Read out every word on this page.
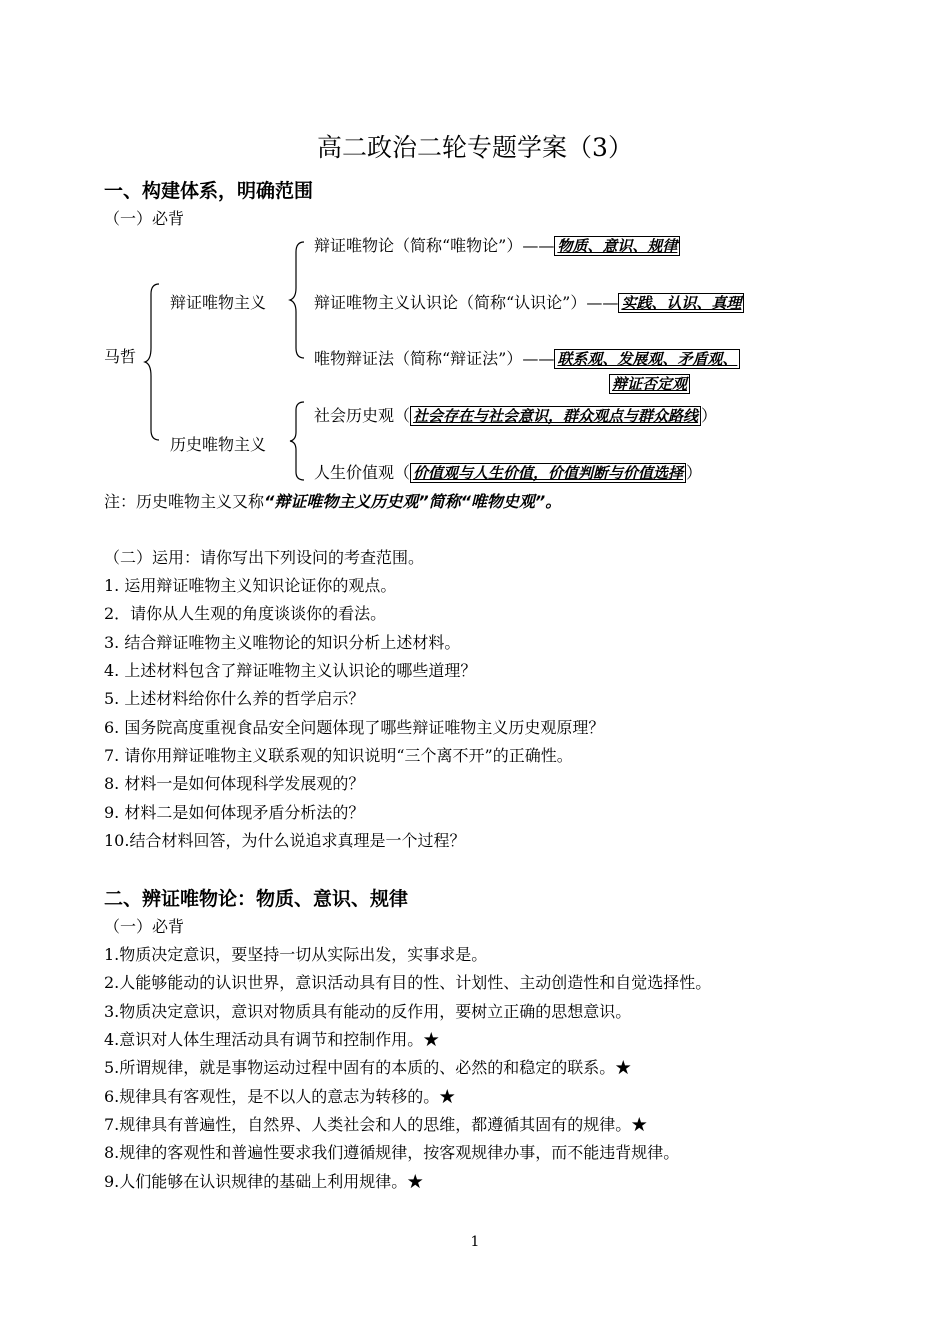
高二政治二轮专题学案（3）
一、构建体系，明确范围
（一）必背
马哲
辩证唯物主义
历史唯物主义
辩证唯物论（简称“唯物论”）—— 物质、意识、规律
辩证唯物主义认识论（简称“认识论”）—— 实践、认识、真理
唯物辩证法（简称“辩证法”）—— 联系观、发展观、矛盾观、
辩证否定观
社会历史观（ 社会存在与社会意识，群众观点与群众路线 ）
人生价值观（ 价值观与人生价值，价值判断与价值选择 ）
注：历史唯物主义又称“辩证唯物主义历史观”简称“唯物史观”。
（二）运用：请你写出下列设问的考查范围。
1. 运用辩证唯物主义知识论证你的观点。
2．请你从人生观的角度谈谈你的看法。
3. 结合辩证唯物主义唯物论的知识分析上述材料。
4. 上述材料包含了辩证唯物主义认识论的哪些道理？
5. 上述材料给你什么养的哲学启示？
6. 国务院高度重视食品安全问题体现了哪些辩证唯物主义历史观原理？
7. 请你用辩证唯物主义联系观的知识说明“三个离不开”的正确性。
8. 材料一是如何体现科学发展观的？
9. 材料二是如何体现矛盾分析法的？
10.结合材料回答，为什么说追求真理是一个过程？
二、辨证唯物论：物质、意识、规律
（一）必背
1.物质决定意识，要坚持一切从实际出发，实事求是。
2.人能够能动的认识世界，意识活动具有目的性、计划性、主动创造性和自觉选择性。
3.物质决定意识，意识对物质具有能动的反作用，要树立正确的思想意识。
4.意识对人体生理活动具有调节和控制作用。★
5.所谓规律，就是事物运动过程中固有的本质的、必然的和稳定的联系。★
6.规律具有客观性，是不以人的意志为转移的。★
7.规律具有普遍性，自然界、人类社会和人的思维，都遵循其固有的规律。★
8.规律的客观性和普遍性要求我们遵循规律，按客观规律办事，而不能违背规律。
9.人们能够在认识规律的基础上利用规律。★
1
